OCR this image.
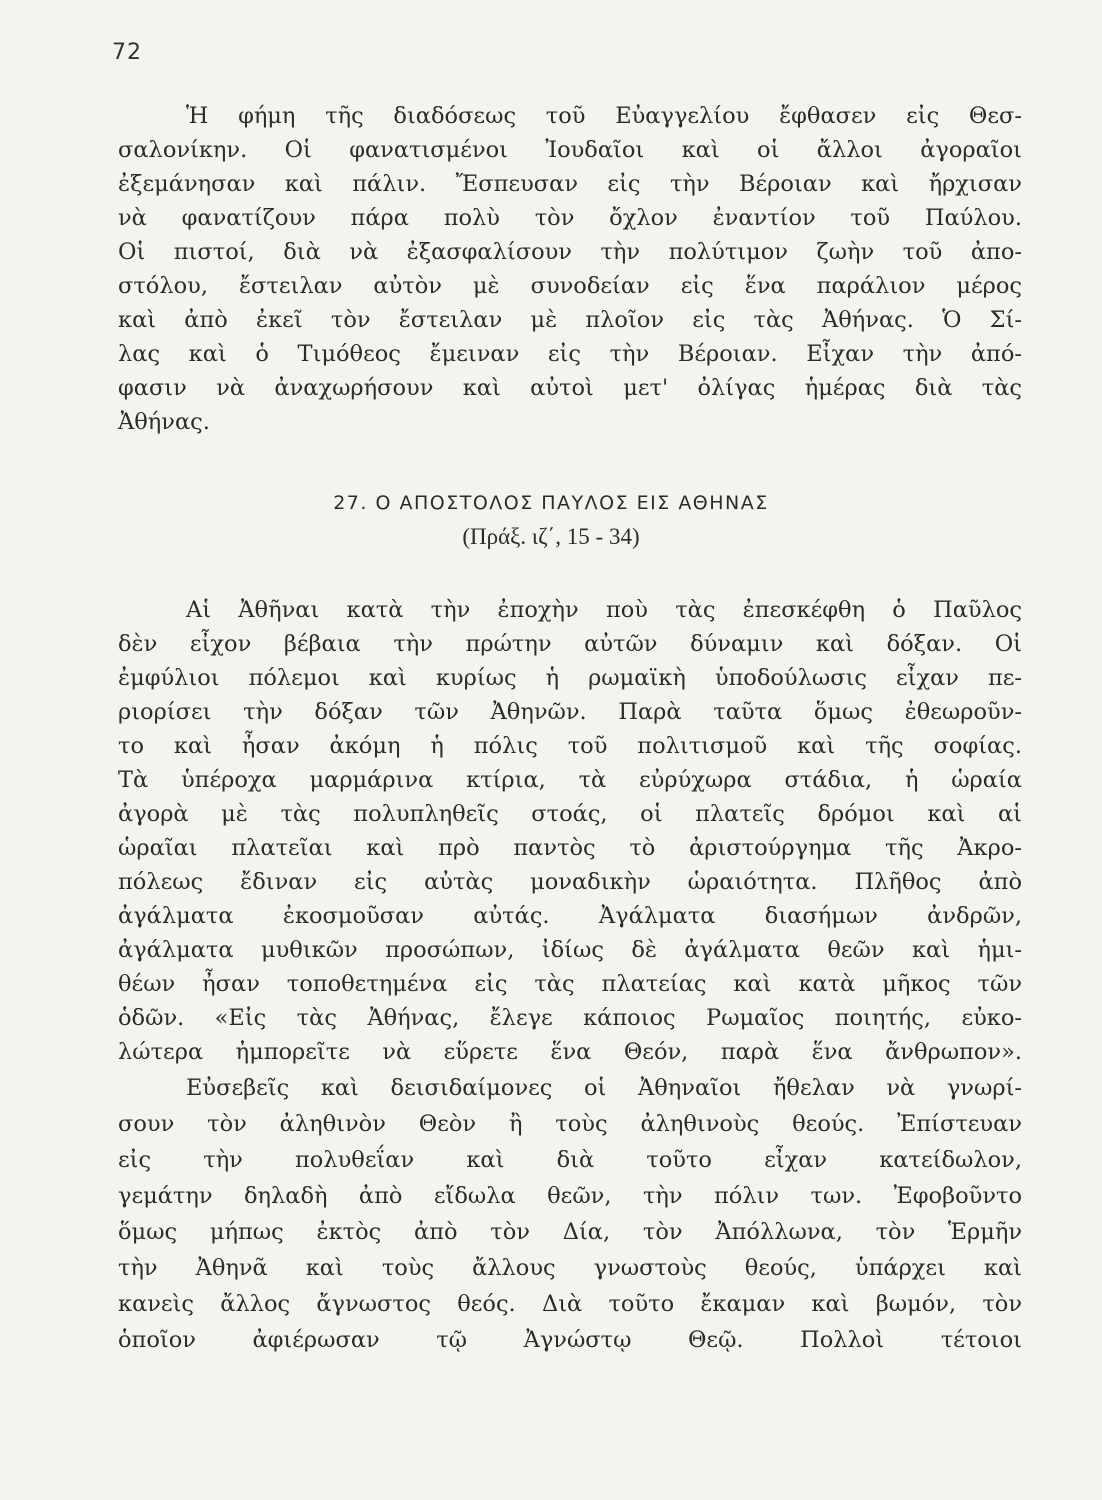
72
Ἡ φήμη τῆς διαδόσεως τοῦ Εὐαγγελίου ἔφθασεν εἰς Θεσ-
σαλονίκην. Οἱ φανατισμένοι Ἰουδαῖοι καὶ οἱ ἄλλοι ἀγοραῖοι
ἐξεμάνησαν καὶ πάλιν. Ἔσπευσαν εἰς τὴν Βέροιαν καὶ ἤρχισαν
νὰ φανατίζουν πάρα πολὺ τὸν ὄχλον ἐναντίον τοῦ Παύλου.
Οἱ πιστοί, διὰ νὰ ἐξασφαλίσουν τὴν πολύτιμον ζωὴν τοῦ ἀπο-
στόλου, ἔστειλαν αὐτὸν μὲ συνοδείαν εἰς ἕνα παράλιον μέρος
καὶ ἀπὸ ἐκεῖ τὸν ἔστειλαν μὲ πλοῖον εἰς τὰς Ἀθήνας. Ὁ Σί-
λας καὶ ὁ Τιμόθεος ἔμειναν εἰς τὴν Βέροιαν. Εἶχαν τὴν ἀπό-
φασιν νὰ ἀναχωρήσουν καὶ αὐτοὶ μετ' ὀλίγας ἡμέρας διὰ τὰς
Ἀθήνας.
27. Ο ΑΠΟΣΤΟΛΟΣ ΠΑΥΛΟΣ ΕΙΣ ΑΘΗΝΑΣ
(Πράξ. ιζ΄, 15 - 34)
Αἱ Ἀθῆναι κατὰ τὴν ἐποχὴν ποὺ τὰς ἐπεσκέφθη ὁ Παῦλος
δὲν εἶχον βέβαια τὴν πρώτην αὐτῶν δύναμιν καὶ δόξαν. Οἱ
ἐμφύλιοι πόλεμοι καὶ κυρίως ἡ ρωμαϊκὴ ὑποδούλωσις εἶχαν πε-
ριορίσει τὴν δόξαν τῶν Ἀθηνῶν. Παρὰ ταῦτα ὅμως ἐθεωροῦν-
το καὶ ἦσαν ἀκόμη ἡ πόλις τοῦ πολιτισμοῦ καὶ τῆς σοφίας.
Τὰ ὑπέροχα μαρμάρινα κτίρια, τὰ εὐρύχωρα στάδια, ἡ ὡραία
ἀγορὰ μὲ τὰς πολυπληθεῖς στοάς, οἱ πλατεῖς δρόμοι καὶ αἱ
ὡραῖαι πλατεῖαι καὶ πρὸ παντὸς τὸ ἀριστούργημα τῆς Ἀκρο-
πόλεως ἔδιναν εἰς αὐτὰς μοναδικὴν ὡραιότητα. Πλῆθος ἀπὸ
ἀγάλματα ἐκοσμοῦσαν αὐτάς. Ἀγάλματα διασήμων ἀνδρῶν,
ἀγάλματα μυθικῶν προσώπων, ἰδίως δὲ ἀγάλματα θεῶν καὶ ἡμι-
θέων ἦσαν τοποθετημένα εἰς τὰς πλατείας καὶ κατὰ μῆκος τῶν
ὁδῶν. «Εἰς τὰς Ἀθήνας, ἔλεγε κάποιος Ρωμαῖος ποιητής, εὐκο-
λώτερα ἠμπορεῖτε νὰ εὕρετε ἕνα Θεόν, παρὰ ἕνα ἄνθρωπον».
Εὐσεβεῖς καὶ δεισιδαίμονες οἱ Ἀθηναῖοι ἤθελαν νὰ γνωρί-
σουν τὸν ἀληθινὸν Θεὸν ἢ τοὺς ἀληθινοὺς θεούς. Ἐπίστευαν
εἰς τὴν πολυθεΐαν καὶ διὰ τοῦτο εἶχαν κατείδωλον,
γεμάτην δηλαδὴ ἀπὸ εἴδωλα θεῶν, τὴν πόλιν των. Ἐφοβοῦντο
ὅμως μήπως ἐκτὸς ἀπὸ τὸν Δία, τὸν Ἀπόλλωνα, τὸν Ἑρμῆν
τὴν Ἀθηνᾶ καὶ τοὺς ἄλλους γνωστοὺς θεούς, ὑπάρχει καὶ
κανεὶς ἄλλος ἄγνωστος θεός. Διὰ τοῦτο ἔκαμαν καὶ βωμόν, τὸν
ὁποῖον ἀφιέρωσαν τῷ Ἀγνώστῳ Θεῷ. Πολλοὶ τέτοιοι
